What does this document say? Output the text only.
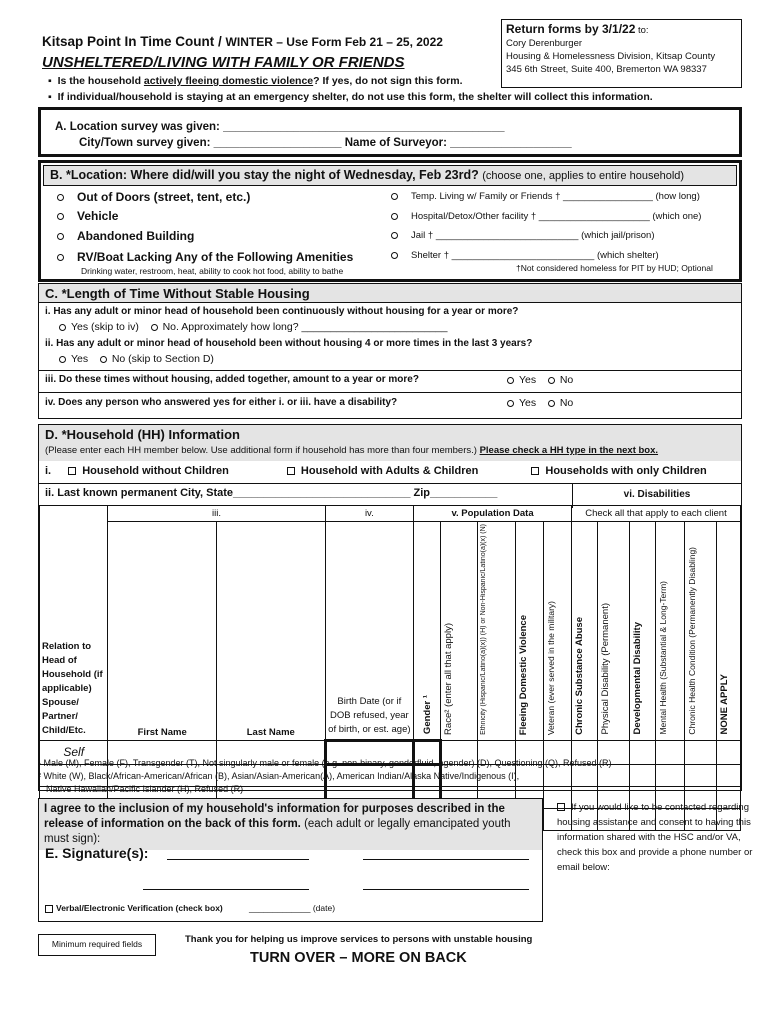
Kitsap Point In Time Count / WINTER – Use Form Feb 21 – 25, 2022
UNSHELTERED/LIVING WITH FAMILY OR FRIENDS
▪  Is the household actively fleeing domestic violence? If yes, do not sign this form.
▪  If individual/household is staying at an emergency shelter, do not use this form, the shelter will collect this information.
Return forms by 3/1/22 to:
Cory Derenburger
Housing & Homelessness Division, Kitsap County
345 6th Street, Suite 400, Bremerton WA 98337
A. Location survey was given: ____________________________________________
City/Town survey given: ____________________ Name of Surveyor: ___________________
B. *Location: Where did/will you stay the night of Wednesday, Feb 23rd? (choose one, applies to entire household)
Out of Doors (street, tent, etc.)
Vehicle
Abandoned Building
RV/Boat Lacking Any of the Following Amenities
Drinking water, restroom, heat, ability to cook hot food, ability to bathe
Temp. Living w/ Family or Friends † _________________ (how long)
Hospital/Detox/Other facility † _____________________ (which one)
Jail † ___________________________ (which jail/prison)
Shelter † ___________________________ (which shelter)
†Not considered homeless for PIT by HUD; Optional
C. *Length of Time Without Stable Housing
i. Has any adult or minor head of household been continuously without housing for a year or more?
Yes (skip to iv) No. Approximately how long? _________________________
ii. Has any adult or minor head of household been without housing 4 or more times in the last 3 years?
Yes No (skip to Section D)
iii. Do these times without housing, added together, amount to a year or more?	Yes No
iv. Does any person who answered yes for either i. or iii. have a disability?	Yes No
D. *Household (HH) Information
(Please enter each HH member below. Use additional form if household has more than four members.) Please check a HH type in the next box.
i.	Household without Children	Household with Adults & Children	Households with only Children
ii. Last known permanent City, State_____________________________ Zip___________	vi. Disabilities
	iii.		iv.	v. Population Data					Check all that apply to each client					
Relation to Head of Household (if applicable) Spouse/ Partner/ Child/Etc.	First Name	Last Name	Birth Date (or if DOB refused, year of birth, or est. age)	Gender ¹	Race² (enter all that apply)	Ethnicity (Hispanic/Latino(a)(x)) (H) or Non-Hispanic/Latino(a)(x) (N)	Fleeing Domestic Violence	Veteran (ever served in the military)	Chronic Substance Abuse	Physical Disability (Permanent)	Developmental Disability	Mental Health (Substantial & Long-Term)	Chronic Health Condition (Permanently Disabling)	NONE APPLY
Self														

¹ Male (M), Female (F), Transgender (T), Not singularly male or female (e.g. non-binary, genderfluid, agender) (D), Questioning (Q), Refused (R)
² White (W), Black/African-American/African (B), Asian/Asian-American(A), American Indian/Alaska Native/Indigenous (I),
Native Hawaiian/Pacific Islander (H), Refused (R)
I agree to the inclusion of my household's information for purposes described in the release of information on the back of this form. (each adult or legally emancipated youth must sign):
E. Signature(s):
Verbal/Electronic Verification (check box)	_____________ (date)
If you would like to be contacted regarding housing assistance and consent to having this information shared with the HSC and/or VA, check this box and provide a phone number or email below:
Minimum required fields	Thank you for helping us improve services to persons with unstable housing
TURN OVER – MORE ON BACK
